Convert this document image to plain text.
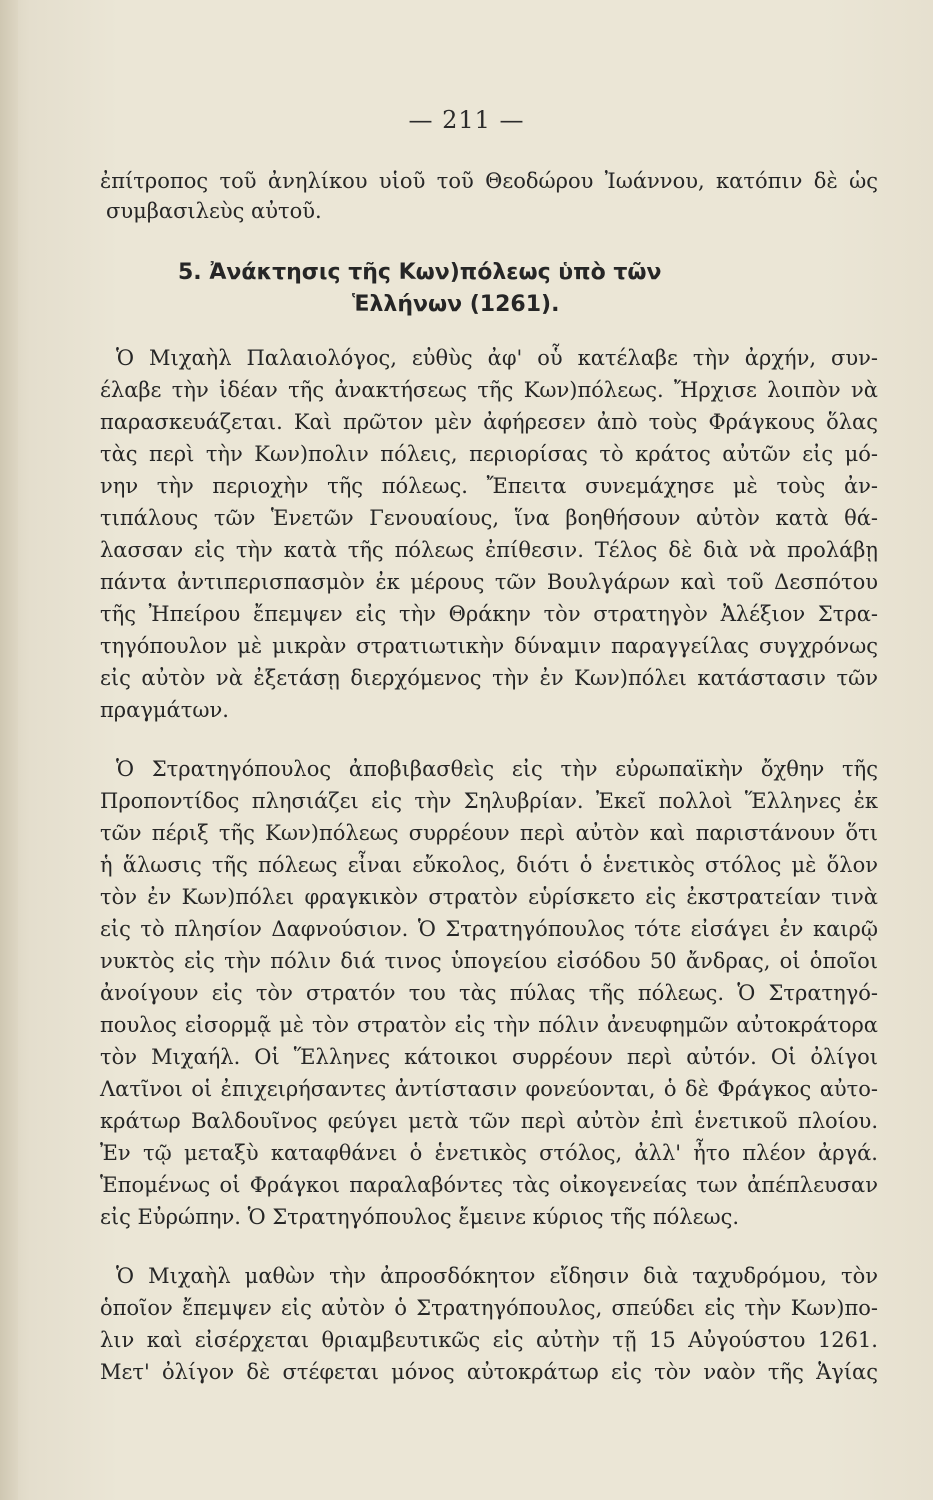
— 211 —
ἐπίτροπος τοῦ ἀνηλίκου υἱοῦ τοῦ Θεοδώρου Ἰωάννου, κατόπιν δὲ ὡς
συμβασιλεὺς αὐτοῦ.
5. Ἀνάκτησις τῆς Κων)πόλεως ὑπὸ τῶν
Ἑλλήνων (1261).
Ὁ Μιχαὴλ Παλαιολόγος, εὐθὺς ἀφ' οὗ κατέλαβε τὴν ἀρχήν, συν-
έλαβε τὴν ἰδέαν τῆς ἀνακτήσεως τῆς Κων)πόλεως. Ἤρχισε λοιπὸν νὰ
παρασκευάζεται. Καὶ πρῶτον μὲν ἀφήρεσεν ἀπὸ τοὺς Φράγκους ὅλας
τὰς περὶ τὴν Κων)πολιν πόλεις, περιορίσας τὸ κράτος αὐτῶν εἰς μό-
νην τὴν περιοχὴν τῆς πόλεως. Ἔπειτα συνεμάχησε μὲ τοὺς ἀν-
τιπάλους τῶν Ἑνετῶν Γενουαίους, ἵνα βοηθήσουν αὐτὸν κατὰ θά-
λασσαν εἰς τὴν κατὰ τῆς πόλεως ἐπίθεσιν. Τέλος δὲ διὰ νὰ προλάβῃ
πάντα ἀντιπερισπασμὸν ἐκ μέρους τῶν Βουλγάρων καὶ τοῦ Δεσπότου
τῆς Ἠπείρου ἔπεμψεν εἰς τὴν Θράκην τὸν στρατηγὸν Ἀλέξιον Στρα-
τηγόπουλον μὲ μικρὰν στρατιωτικὴν δύναμιν παραγγείλας συγχρόνως
εἰς αὐτὸν νὰ ἐξετάσῃ διερχόμενος τὴν ἐν Κων)πόλει κατάστασιν τῶν
πραγμάτων.
Ὁ Στρατηγόπουλος ἀποβιβασθεὶς εἰς τὴν εὐρωπαϊκὴν ὄχθην τῆς
Προποντίδος πλησιάζει εἰς τὴν Σηλυβρίαν. Ἐκεῖ πολλοὶ Ἕλληνες ἐκ
τῶν πέριξ τῆς Κων)πόλεως συρρέουν περὶ αὐτὸν καὶ παριστάνουν ὅτι
ἡ ἅλωσις τῆς πόλεως εἶναι εὔκολος, διότι ὁ ἑνετικὸς στόλος μὲ ὅλον
τὸν ἐν Κων)πόλει φραγκικὸν στρατὸν εὑρίσκετο εἰς ἐκστρατείαν τινὰ
εἰς τὸ πλησίον Δαφνούσιον. Ὁ Στρατηγόπουλος τότε εἰσάγει ἐν καιρῷ
νυκτὸς εἰς τὴν πόλιν διά τινος ὑπογείου εἰσόδου 50 ἄνδρας, οἱ ὁποῖοι
ἀνοίγουν εἰς τὸν στρατόν του τὰς πύλας τῆς πόλεως. Ὁ Στρατηγό-
πουλος εἰσορμᾷ μὲ τὸν στρατὸν εἰς τὴν πόλιν ἀνευφημῶν αὐτοκράτορα
τὸν Μιχαήλ. Οἱ Ἕλληνες κάτοικοι συρρέουν περὶ αὐτόν. Οἱ ὀλίγοι
Λατῖνοι οἱ ἐπιχειρήσαντες ἀντίστασιν φονεύονται, ὁ δὲ Φράγκος αὐτο-
κράτωρ Βαλδουῖνος φεύγει μετὰ τῶν περὶ αὐτὸν ἐπὶ ἑνετικοῦ πλοίου.
Ἐν τῷ μεταξὺ καταφθάνει ὁ ἑνετικὸς στόλος, ἀλλ' ἦτο πλέον ἀργά.
Ἑπομένως οἱ Φράγκοι παραλαβόντες τὰς οἰκογενείας των ἀπέπλευσαν
εἰς Εὐρώπην. Ὁ Στρατηγόπουλος ἔμεινε κύριος τῆς πόλεως.
Ὁ Μιχαὴλ μαθὼν τὴν ἀπροσδόκητον εἴδησιν διὰ ταχυδρόμου, τὸν
ὁποῖον ἔπεμψεν εἰς αὐτὸν ὁ Στρατηγόπουλος, σπεύδει εἰς τὴν Κων)πο-
λιν καὶ εἰσέρχεται θριαμβευτικῶς εἰς αὐτὴν τῇ 15 Αὐγούστου 1261.
Μετ' ὀλίγον δὲ στέφεται μόνος αὐτοκράτωρ εἰς τὸν ναὸν τῆς Ἁγίας
